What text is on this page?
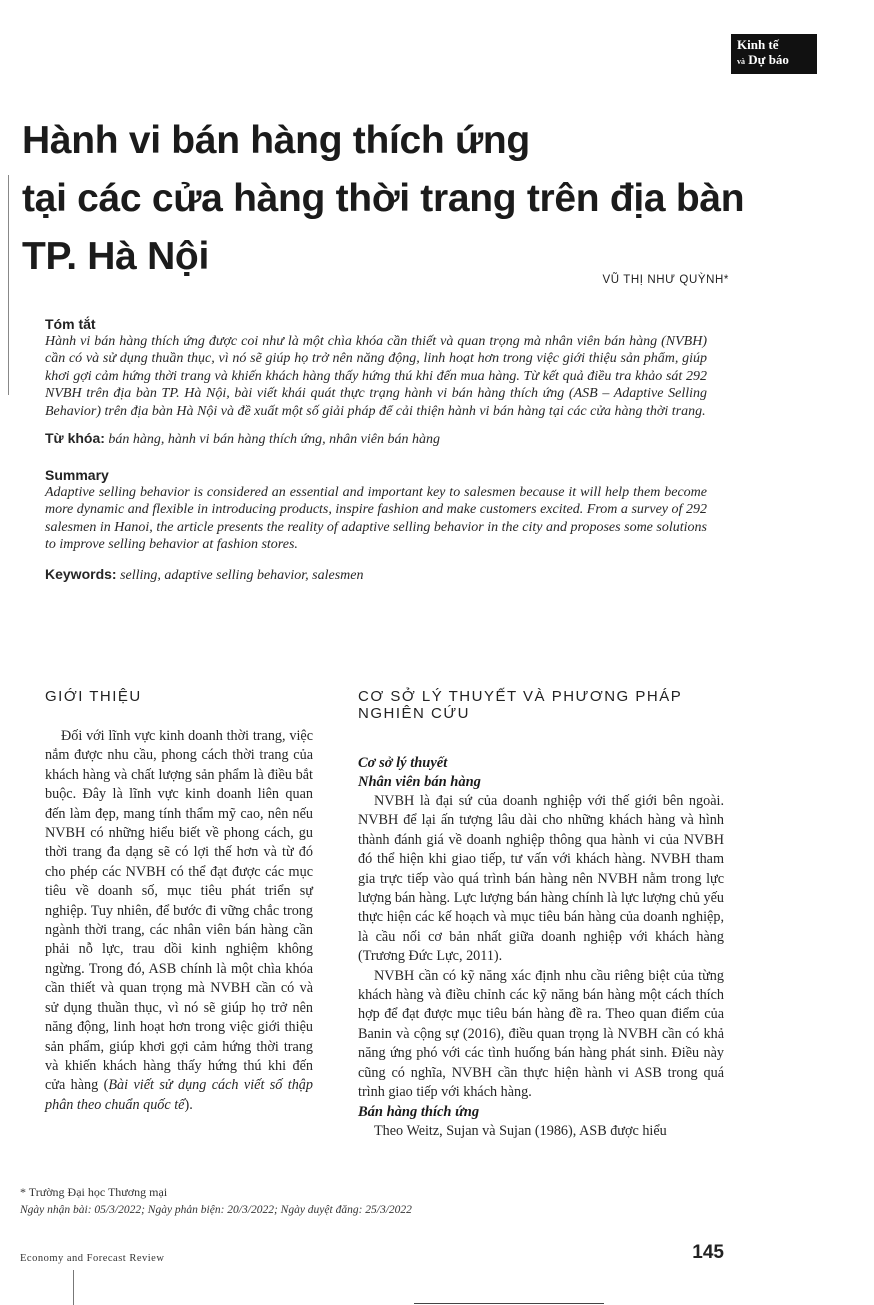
Kinh tế
và Dự báo
Hành vi bán hàng thích ứng
tại các cửa hàng thời trang trên địa bàn
TP. Hà Nội
VŨ THỊ NHƯ QUỲNH*

Tóm tắt

Hành vi bán hàng thích ứng được coi như là một chìa khóa cần thiết và quan trọng mà nhân viên bán hàng (NVBH) cần có và sử dụng thuần thục, vì nó sẽ giúp họ trở nên năng động, linh hoạt hơn trong việc giới thiệu sản phẩm, giúp khơi gợi cảm hứng thời trang và khiến khách hàng thấy hứng thú khi đến mua hàng. Từ kết quả điều tra khảo sát 292 NVBH trên địa bàn TP. Hà Nội, bài viết khái quát thực trạng hành vi bán hàng thích ứng (ASB – Adaptive Selling Behavior) trên địa bàn Hà Nội và đề xuất một số giải pháp để cải thiện hành vi bán hàng tại các cửa hàng thời trang.

Từ khóa: bán hàng, hành vi bán hàng thích ứng, nhân viên bán hàng

Summary

Adaptive selling behavior is considered an essential and important key to salesmen because it will help them become more dynamic and flexible in introducing products, inspire fashion and make customers excited. From a survey of 292 salesmen in Hanoi, the article presents the reality of adaptive selling behavior in the city and proposes some solutions to improve selling behavior at fashion stores.

Keywords: selling, adaptive selling behavior, salesmen

GIỚI THIỆU

Đối với lĩnh vực kinh doanh thời trang, việc nắm được nhu cầu, phong cách thời trang của khách hàng và chất lượng sản phẩm là điều bắt buộc. Đây là lĩnh vực kinh doanh liên quan đến làm đẹp, mang tính thẩm mỹ cao, nên nếu NVBH có những hiểu biết về phong cách, gu thời trang đa dạng sẽ có lợi thế hơn và từ đó cho phép các NVBH có thể đạt được các mục tiêu về doanh số, mục tiêu phát triển sự nghiệp. Tuy nhiên, để bước đi vững chắc trong ngành thời trang, các nhân viên bán hàng cần phải nỗ lực, trau dồi kinh nghiệm không ngừng. Trong đó, ASB chính là một chìa khóa cần thiết và quan trọng mà NVBH cần có và sử dụng thuần thục, vì nó sẽ giúp họ trở nên năng động, linh hoạt hơn trong việc giới thiệu sản phẩm, giúp khơi gợi cảm hứng thời trang và khiến khách hàng thấy hứng thú khi đến cửa hàng (Bài viết sử dụng cách viết số thập phân theo chuẩn quốc tế).

CƠ SỞ LÝ THUYẾT VÀ PHƯƠNG PHÁP NGHIÊN CỨU

Cơ sở lý thuyết

Nhân viên bán hàng

NVBH là đại sứ của doanh nghiệp với thế giới bên ngoài. NVBH để lại ấn tượng lâu dài cho những khách hàng và hình thành đánh giá về doanh nghiệp thông qua hành vi của NVBH đó thể hiện khi giao tiếp, tư vấn với khách hàng. NVBH tham gia trực tiếp vào quá trình bán hàng nên NVBH nằm trong lực lượng bán hàng. Lực lượng bán hàng chính là lực lượng chủ yếu thực hiện các kế hoạch và mục tiêu bán hàng của doanh nghiệp, là cầu nối cơ bản nhất giữa doanh nghiệp với khách hàng (Trương Đức Lực, 2011).

NVBH cần có kỹ năng xác định nhu cầu riêng biệt của từng khách hàng và điều chỉnh các kỹ năng bán hàng một cách thích hợp để đạt được mục tiêu bán hàng đề ra. Theo quan điểm của Banin và cộng sự (2016), điều quan trọng là NVBH cần có khả năng ứng phó với các tình huống bán hàng phát sinh. Điều này cũng có nghĩa, NVBH cần thực hiện hành vi ASB trong quá trình giao tiếp với khách hàng.

Bán hàng thích ứng

Theo Weitz, Sujan và Sujan (1986), ASB được hiểu

* Trường Đại học Thương mại
Ngày nhận bài: 05/3/2022; Ngày phản biện: 20/3/2022; Ngày duyệt đăng: 25/3/2022
Economy and Forecast Review	145
